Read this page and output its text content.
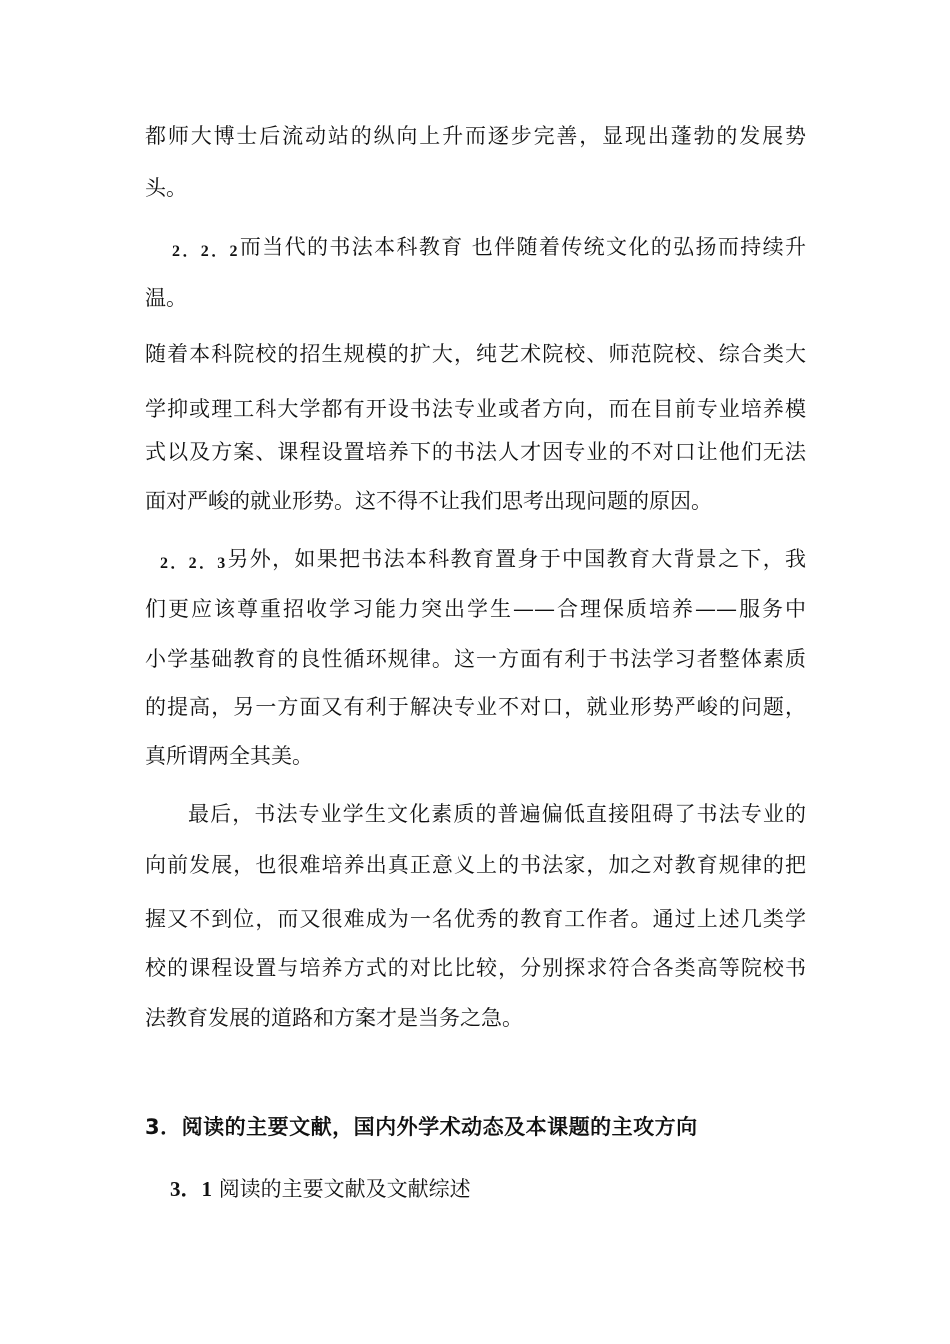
都师大博士后流动站的纵向上升而逐步完善，显现出蓬勃的发展势
头。
2．2．2而当代的书法本科教育 也伴随着传统文化的弘扬而持续升
温。
随着本科院校的招生规模的扩大，纯艺术院校、师范院校、综合类大
学抑或理工科大学都有开设书法专业或者方向，而在目前专业培养模
式以及方案、课程设置培养下的书法人才因专业的不对口让他们无法
面对严峻的就业形势。这不得不让我们思考出现问题的原因。
2．2．3另外，如果把书法本科教育置身于中国教育大背景之下，我
们更应该尊重招收学习能力突出学生——合理保质培养——服务中
小学基础教育的良性循环规律。这一方面有利于书法学习者整体素质
的提高，另一方面又有利于解决专业不对口，就业形势严峻的问题，
真所谓两全其美。
最后，书法专业学生文化素质的普遍偏低直接阻碍了书法专业的
向前发展，也很难培养出真正意义上的书法家，加之对教育规律的把
握又不到位，而又很难成为一名优秀的教育工作者。通过上述几类学
校的课程设置与培养方式的对比比较，分别探求符合各类高等院校书
法教育发展的道路和方案才是当务之急。
3．阅读的主要文献，国内外学术动态及本课题的主攻方向
3．1 阅读的主要文献及文献综述
